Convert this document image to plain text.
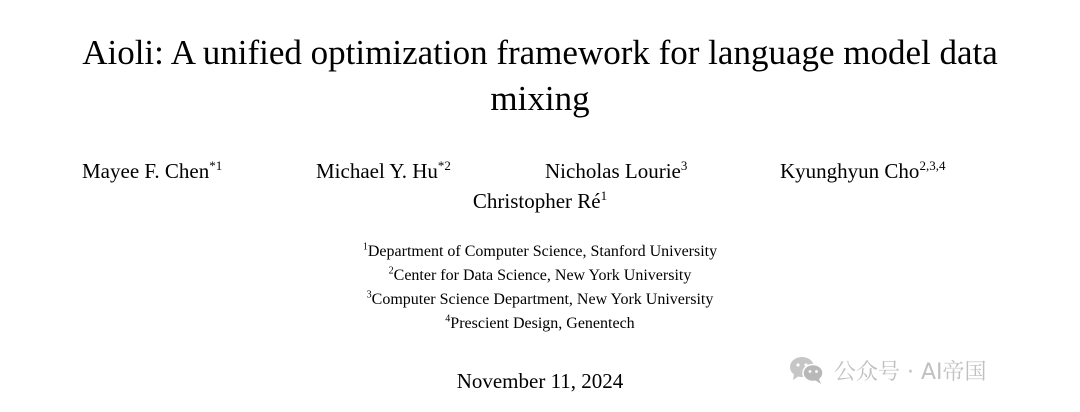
Aioli: A unified optimization framework for language model data
mixing
Mayee F. Chen$^{*1}$	Michael Y. Hu$^{*2}$	Nicholas Lourie$^3$	Kyunghyun Cho$^{2,3,4}$
Christopher $Ré^1$
$^1$Department of Computer Science, Stanford University
$^2$Center for Data Science, New York University
$^3$Computer Science Department, New York University
$^4$Prescient Design, Genentech
November 11, 2024	公众号 · AI帝国
